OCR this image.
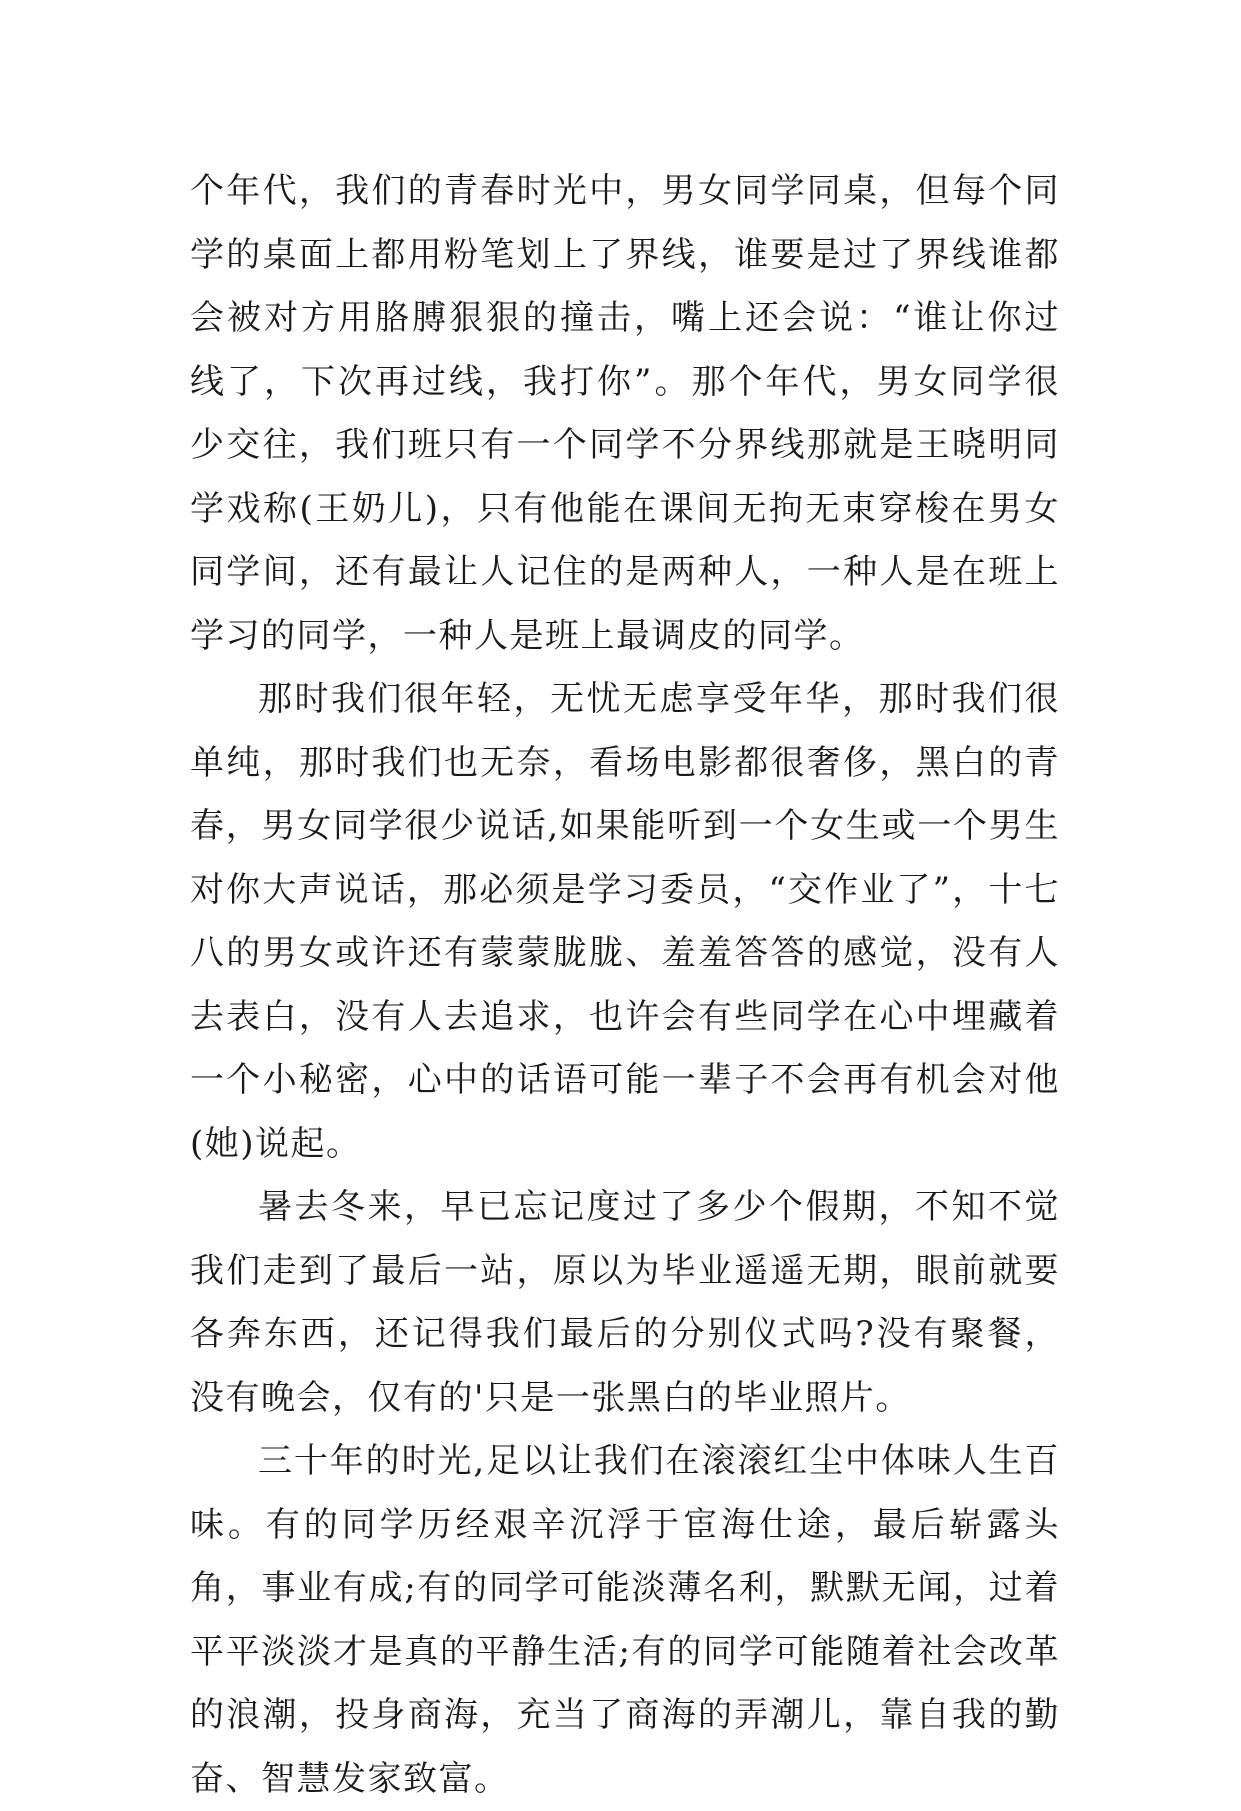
个年代，我们的青春时光中，男女同学同桌，但每个同学的桌面上都用粉笔划上了界线，谁要是过了界线谁都会被对方用胳膊狠狠的撞击，嘴上还会说：“谁让你过线了，下次再过线，我打你”。那个年代，男女同学很少交往，我们班只有一个同学不分界线那就是王晓明同学戏称(王奶儿)，只有他能在课间无拘无束穿梭在男女同学间，还有最让人记住的是两种人，一种人是在班上学习的同学，一种人是班上最调皮的同学。

那时我们很年轻，无忧无虑享受年华，那时我们很单纯，那时我们也无奈，看场电影都很奢侈，黑白的青春，男女同学很少说话,如果能听到一个女生或一个男生对你大声说话，那必须是学习委员，“交作业了”，十七八的男女或许还有蒙蒙胧胧、羞羞答答的感觉，没有人去表白，没有人去追求，也许会有些同学在心中埋藏着一个小秘密，心中的话语可能一辈子不会再有机会对他(她)说起。

暑去冬来，早已忘记度过了多少个假期，不知不觉我们走到了最后一站，原以为毕业遥遥无期，眼前就要各奔东西，还记得我们最后的分别仪式吗?没有聚餐，没有晚会，仅有的'只是一张黑白的毕业照片。

三十年的时光,足以让我们在滚滚红尘中体味人生百味。有的同学历经艰辛沉浮于宦海仕途，最后崭露头角，事业有成;有的同学可能淡薄名利，默默无闻，过着平平淡淡才是真的平静生活;有的同学可能随着社会改革的浪潮，投身商海，充当了商海的弄潮儿，靠自我的勤奋、智慧发家致富。
